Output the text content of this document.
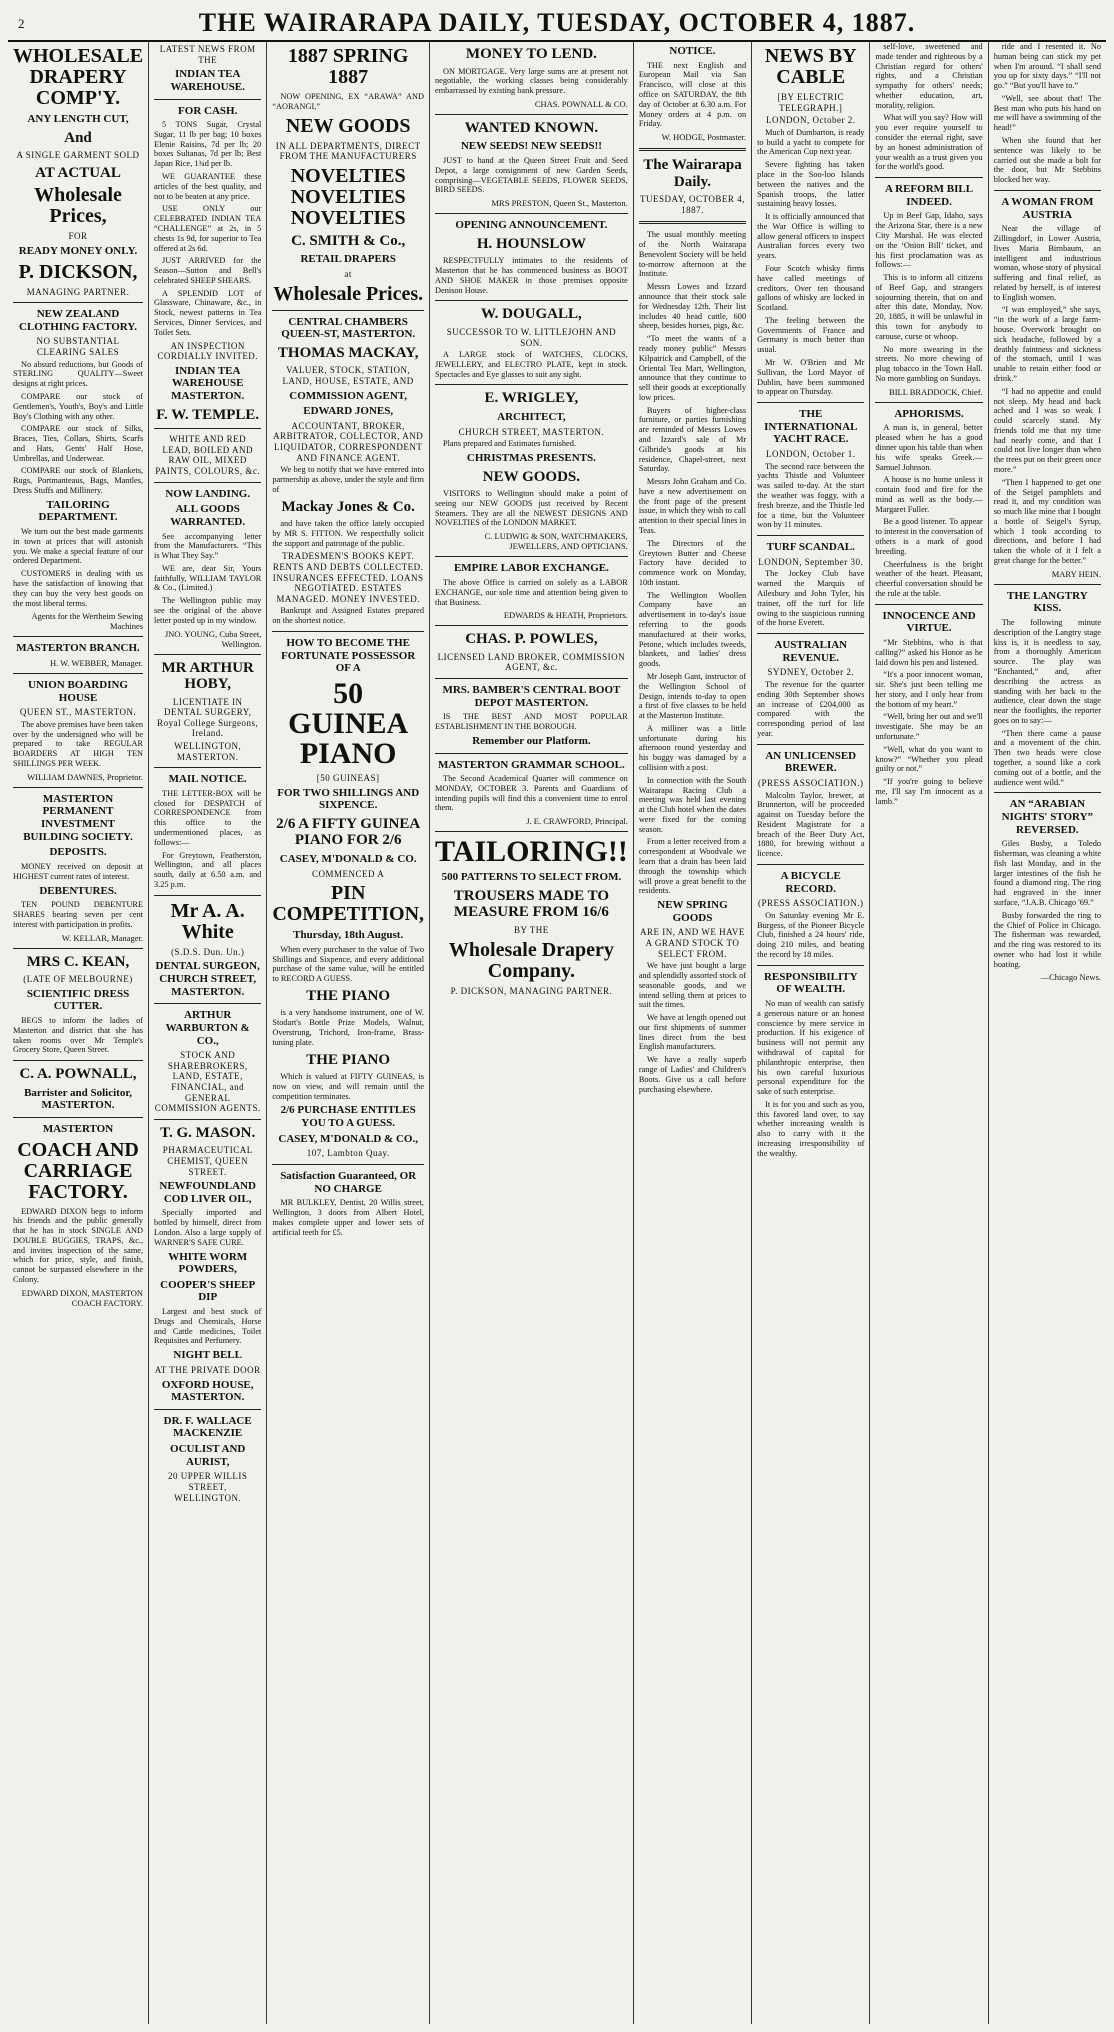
2	THE WAIRARAPA DAILY, TUESDAY, OCTOBER 4, 1887.
WHOLESALE DRAPERY COMP'Y.
ANY LENGTH CUT,
And
A SINGLE GARMENT SOLD
AT ACTUAL
Wholesale Prices,
FOR
READY MONEY ONLY.
P. DICKSON,
MANAGING PARTNER.
NEW ZEALAND CLOTHING FACTORY.
NO SUBSTANTIAL CLEARING SALES

No absurd reductions, but Goods of STERLING QUALITY—Sweet designs at right prices.

COMPARE our stock of Gentlemen's, Youth's, Boy's and Little Boy's Clothing with any other.

COMPARE our stock of Silks, Braces, Ties, Collars, Shirts, Scarfs and Hats, Gents' Half Hose, Umbrellas, and Underwear.

COMPARE our stock of Blankets, Rugs, Portmanteaus, Bags, Mantles, Dress Stuffs and Millinery.

TAILORING DEPARTMENT.

We turn out the best made garments in town at prices that will astonish you. We make a special feature of our ordered Department.

CUSTOMERS in dealing with us have the satisfaction of knowing that they can buy the very best goods on the most liberal terms.

Agents for the Wertheim Sewing Machines
MASTERTON BRANCH.
H. W. WEBBER, Manager.
UNION BOARDING HOUSE
QUEEN ST., MASTERTON.

The above premises have been taken over by the undersigned who will be prepared to take REGULAR BOARDERS AT HIGH TEN SHILLINGS PER WEEK.

WILLIAM DAWNES, Proprietor.
MASTERTON PERMANENT INVESTMENT BUILDING SOCIETY.
DEPOSITS.

MONEY received on deposit at HIGHEST current rates of interest.

DEBENTURES.

TEN POUND DEBENTURE SHARES bearing seven per cent interest with participation in profits.

W. KELLAR, Manager.
MRS C. KEAN,
(LATE OF MELBOURNE)
SCIENTIFIC DRESS CUTTER.

BEGS to inform the ladies of Masterton and district that she has taken rooms over Mr Temple's Grocery Store, Queen Street.

C. A. POWNALL,
Barrister and Solicitor, MASTERTON.
MASTERTON
COACH AND CARRIAGE FACTORY.

EDWARD DIXON begs to inform his friends and the public generally that he has in stock SINGLE AND DOUBLE BUGGIES, TRAPS, &c., and invites inspection of the same, which for price, style, and finish, cannot be surpassed elsewhere in the Colony.

EDWARD DIXON, MASTERTON COACH FACTORY.
LATEST NEWS FROM THE
INDIAN TEA WAREHOUSE.
FOR CASH.

5 TONS Sugar, Crystal Sugar, 11 lb per bag; 10 boxes Elenie Raisins, 7d per lb; 20 boxes Sultanas, 7d per lb; Best Japan Rice, 1¾d per lb.

WE GUARANTEE these articles of the best quality, and not to be beaten at any price.

USE ONLY our CELEBRATED INDIAN TEA “CHALLENGE” at 2s, in 5 chests 1s 9d, for superior to Tea offered at 2s 6d.

JUST ARRIVED for the Season—Sutton and Bell's celebrated SHEEP SHEARS.

A SPLENDID LOT of Glassware, Chinaware, &c., in Stock, newest patterns in Tea Services, Dinner Services, and Toilet Sets.

AN INSPECTION CORDIALLY INVITED.
INDIAN TEA WAREHOUSE MASTERTON.
F. W. TEMPLE.
WHITE AND RED LEAD, BOILED AND RAW OIL, MIXED PAINTS, COLOURS, &c.
NOW LANDING.
ALL GOODS WARRANTED.

See accompanying letter from the Manufacturers. “This is What They Say.”

WE are, dear Sir, Yours faithfully, WILLIAM TAYLOR & Co., (Limited.)

The Wellington public may see the original of the above letter posted up in my window.

JNO. YOUNG, Cuba Street, Wellington.
MR ARTHUR HOBY,
LICENTIATE IN DENTAL SURGERY, Royal College Surgeons, Ireland.
WELLINGTON, MASTERTON.
MAIL NOTICE.

THE LETTER-BOX will be closed for DESPATCH of CORRESPONDENCE from this office to the undermentioned places, as follows:—

For Greytown, Featherston, Wellington, and all places south, daily at 6.50 a.m. and 3.25 p.m.

Mr A. A. White
(S.D.S. Dun. Un.)
DENTAL SURGEON, CHURCH STREET, MASTERTON.
ARTHUR WARBURTON & CO.,
STOCK AND SHAREBROKERS, LAND, ESTATE, FINANCIAL, and GENERAL COMMISSION AGENTS.
T. G. MASON.
PHARMACEUTICAL CHEMIST, QUEEN STREET.
NEWFOUNDLAND COD LIVER OIL,

Specially imported and bottled by himself, direct from London. Also a large supply of WARNER'S SAFE CURE.

WHITE WORM POWDERS,
COOPER'S SHEEP DIP

Largest and best stock of Drugs and Chemicals, Horse and Cattle medicines, Toilet Requisites and Perfumery.

NIGHT BELL
AT THE PRIVATE DOOR
OXFORD HOUSE, MASTERTON.
DR. F. WALLACE MACKENZIE
OCULIST AND AURIST,
20 UPPER WILLIS STREET, WELLINGTON.
1887 SPRING 1887

NOW OPENING, EX “ARAWA” AND “AORANGI,”

NEW GOODS
IN ALL DEPARTMENTS, DIRECT FROM THE MANUFACTURERS
NOVELTIES NOVELTIES NOVELTIES
C. SMITH & Co.,
RETAIL DRAPERS
at
Wholesale Prices.
CENTRAL CHAMBERS QUEEN-ST, MASTERTON.
THOMAS MACKAY,
VALUER, STOCK, STATION, LAND, HOUSE, ESTATE, AND
COMMISSION AGENT,
EDWARD JONES,
ACCOUNTANT, BROKER, ARBITRATOR, COLLECTOR, AND LIQUIDATOR, CORRESPONDENT AND FINANCE AGENT.

We beg to notify that we have entered into partnership as above, under the style and firm of

Mackay Jones & Co.

and have taken the office lately occupied by MR S. FITTON. We respectfully solicit the support and patronage of the public.

TRADESMEN'S BOOKS KEPT. RENTS AND DEBTS COLLECTED. INSURANCES EFFECTED. LOANS NEGOTIATED. ESTATES MANAGED. MONEY INVESTED.

Bankrupt and Assigned Estates prepared on the shortest notice.

HOW TO BECOME THE FORTUNATE POSSESSOR OF A
50 GUINEA PIANO
[50 GUINEAS]
FOR TWO SHILLINGS AND SIXPENCE.
2/6 A FIFTY GUINEA PIANO FOR 2/6
CASEY, M'DONALD & CO.
COMMENCED A
PIN COMPETITION,
Thursday, 18th August.

When every purchaser to the value of Two Shillings and Sixpence, and every additional purchase of the same value, will be entitled to RECORD A GUESS.

THE PIANO

is a very handsome instrument, one of W. Stodart's Bottle Prize Models, Walnut, Overstrung, Trichord, Iron-frame, Brass-tuning plate.

THE PIANO

Which is valued at FIFTY GUINEAS, is now on view, and will remain until the competition terminates.

2/6 PURCHASE ENTITLES YOU TO A GUESS.
CASEY, M'DONALD & CO.,
107, Lambton Quay.
Satisfaction Guaranteed, OR NO CHARGE

MR BULKLEY, Dentist, 20 Willis street, Wellington, 3 doors from Albert Hotel, makes complete upper and lower sets of artificial teeth for £5.

MONEY TO LEND.

ON MORTGAGE. Very large sums are at present not negotiable, the working classes being considerably embarrassed by existing bank pressure.

CHAS. POWNALL & CO.
WANTED KNOWN.
NEW SEEDS! NEW SEEDS!!

JUST to hand at the Queen Street Fruit and Seed Depot, a large consignment of new Garden Seeds, comprising—VEGETABLE SEEDS, FLOWER SEEDS, BIRD SEEDS.

MRS PRESTON, Queen St., Masterton.
OPENING ANNOUNCEMENT.
H. HOUNSLOW

RESPECTFULLY intimates to the residents of Masterton that he has commenced business as BOOT AND SHOE MAKER in those premises opposite Denison House.

W. DOUGALL,
SUCCESSOR TO W. LITTLEJOHN AND SON.

A LARGE stock of WATCHES, CLOCKS, JEWELLERY, and ELECTRO PLATE, kept in stock. Spectacles and Eye glasses to suit any sight.

E. WRIGLEY,
ARCHITECT,
CHURCH STREET, MASTERTON.

Plans prepared and Estimates furnished.

CHRISTMAS PRESENTS.
NEW GOODS.

VISITORS to Wellington should make a point of seeing our NEW GOODS just received by Recent Steamers. They are all the NEWEST DESIGNS AND NOVELTIES of the LONDON MARKET.

C. LUDWIG & SON, WATCHMAKERS, JEWELLERS, AND OPTICIANS.
EMPIRE LABOR EXCHANGE.

The above Office is carried on solely as a LABOR EXCHANGE, our sole time and attention being given to that Business.

EDWARDS & HEATH, Proprietors.
CHAS. P. POWLES,
LICENSED LAND BROKER, COMMISSION AGENT, &c.
MRS. BAMBER'S CENTRAL BOOT DEPOT MASTERTON.

IS THE BEST AND MOST POPULAR ESTABLISHMENT IN THE BOROUGH.

Remember our Platform.
MASTERTON GRAMMAR SCHOOL.

The Second Academical Quarter will commence on MONDAY, OCTOBER 3. Parents and Guardians of intending pupils will find this a convenient time to enrol them.

J. E. CRAWFORD, Principal.
TAILORING!!
500 PATTERNS TO SELECT FROM.
TROUSERS MADE TO MEASURE FROM 16/6
BY THE
Wholesale Drapery Company.
P. DICKSON, MANAGING PARTNER.
NOTICE.

THE next English and European Mail via San Francisco, will close at this office on SATURDAY, the 8th day of October at 6.30 a.m. For Money orders at 4 p.m. on Friday.

W. HODGE, Postmaster.
The Wairarapa Daily.
TUESDAY, OCTOBER 4, 1887.

The usual monthly meeting of the North Wairarapa Benevolent Society will be held to-morrow afternoon at the Institute.

Messrs Lowes and Izzard announce that their stock sale for Wednesday 12th. Their list includes 40 head cattle, 600 sheep, besides horses, pigs, &c.

“To meet the wants of a ready money public” Messrs Kilpatrick and Campbell, of the Oriental Tea Mart, Wellington, announce that they continue to sell their goods at exceptionally low prices.

Buyers of higher-class furniture, or parties furnishing are reminded of Messrs Lowes and Izzard's sale of Mr Gilbride's goods at his residence, Chapel-street, next Saturday.

Messrs John Graham and Co. have a new advertisement on the front page of the present issue, in which they wish to call attention to their special lines in Teas.

The Directors of the Greytown Butter and Cheese Factory have decided to commence work on Monday, 10th instant.

The Wellington Woollen Company have an advertisement in to-day's issue referring to the goods manufactured at their works, Petone, which includes tweeds, blankets, and ladies' dress goods.

Mr Joseph Gant, instructor of the Wellington School of Design, intends to-day to open a first of five classes to be held at the Masterton Institute.

A milliner was a little unfortunate during his afternoon round yesterday and his buggy was damaged by a collision with a post.

In connection with the South Wairarapa Racing Club a meeting was held last evening at the Club hotel when the dates were fixed for the coming season.

From a letter received from a correspondent at Woodvale we learn that a drain has been laid through the township which will prove a great benefit to the residents.

NEW SPRING GOODS
ARE IN, AND WE HAVE A GRAND STOCK TO SELECT FROM.

We have just bought a large and splendidly assorted stock of seasonable goods, and we intend selling them at prices to suit the times.

We have at length opened out our first shipments of summer lines direct from the best English manufacturers.

We have a really superb range of Ladies' and Children's Boots. Give us a call before purchasing elsewhere.

NEWS BY CABLE
[BY ELECTRIC TELEGRAPH.]
LONDON, October 2.

Much of Dumbarton, is ready to build a yacht to compete for the American Cup next year.

Severe fighting has taken place in the Soo-loo Islands between the natives and the Spanish troops, the latter sustaining heavy losses.

It is officially announced that the War Office is willing to allow general officers to inspect Australian forces every two years.

Four Scotch whisky firms have called meetings of creditors. Over ten thousand gallons of whisky are locked in Scotland.

The feeling between the Governments of France and Germany is much better than usual.

Mr W. O'Brien and Mr Sullivan, the Lord Mayor of Dublin, have been summoned to appear on Thursday.

THE INTERNATIONAL YACHT RACE.
LONDON, October 1.

The second race between the yachts Thistle and Volunteer was sailed to-day. At the start the weather was foggy, with a fresh breeze, and the Thistle led for a time, but the Volunteer won by 11 minutes.

TURF SCANDAL.
LONDON, September 30.

The Jockey Club have warned the Marquis of Ailesbury and John Tyler, his trainer, off the turf for life owing to the suspicious running of the horse Everett.

AUSTRALIAN REVENUE.
SYDNEY, October 2.

The revenue for the quarter ending 30th September shows an increase of £204,000 as compared with the corresponding period of last year.

AN UNLICENSED BREWER.
(PRESS ASSOCIATION.)

Malcolm Taylor, brewer, at Brunnerton, will be proceeded against on Tuesday before the Resident Magistrate for a breach of the Beer Duty Act, 1880, for brewing without a licence.

A BICYCLE RECORD.
(PRESS ASSOCIATION.)

On Saturday evening Mr E. Burgess, of the Pioneer Bicycle Club, finished a 24 hours' ride, doing 210 miles, and beating the record by 18 miles.

RESPONSIBILITY OF WEALTH.

No man of wealth can satisfy a generous nature or an honest conscience by mere service in production. If his exigence of business will not permit any withdrawal of capital for philanthropic enterprise, then his own careful luxurious personal expenditure for the sake of such enterprise.

It is for you and such as you, this favored land over, to say whether increasing wealth is also to carry with it the increasing irresponsibility of the wealthy.

self-love, sweetened and made tender and righteous by a Christian regard for others' rights, and a Christian sympathy for others' needs; whether education, art, morality, religion.

What will you say? How will you ever require yourself to consider the eternal right, save by an honest administration of your wealth as a trust given you for the world's good.

A REFORM BILL INDEED.

Up in Beef Gap, Idaho, says the Arizona Star, there is a new City Marshal. He was elected on the ‘Onion Bill’ ticket, and his first proclamation was as follows:—

This is to inform all citizens of Beef Gap, and strangers sojourning therein, that on and after this date, Monday, Nov. 20, 1885, it will be unlawful in this town for anybody to carouse, curse or whoop.

No more swearing in the streets. No more chewing of plug tobacco in the Town Hall. No more gambling on Sundays.

BILL BRADDOCK, Chief.
APHORISMS.

A man is, in general, better pleased when he has a good dinner upon his table than when his wife speaks Greek.—Samuel Johnson.

A house is no home unless it contain food and fire for the mind as well as the body.—Margaret Fuller.

Be a good listener. To appear to interest in the conversation of others is a mark of good breeding.

Cheerfulness is the bright weather of the heart. Pleasant, cheerful conversation should be the rule at the table.

INNOCENCE AND VIRTUE.

“Mr Stebbins, who is that calling?” asked his Honor as he laid down his pen and listened.

“It's a poor innocent woman, sir. She's just been telling me her story, and I only hear from the bottom of my heart.”

“Well, bring her out and we'll investigate. She may be an unfortunate.”

“Well, what do you want to know?” “Whether you plead guilty or not.”

“If you're going to believe me, I'll say I'm innocent as a lamb.”

ride and I resented it. No human being can stick my pet when I'm around. “I shall send you up for sixty days.” “I'll not go.” “But you'll have to.”

“Well, see about that! The Best man who puts his hand on me will have a swimming of the head!”

When she found that her sentence was likely to be carried out she made a bolt for the door, but Mr Stebbins blocked her way.

A WOMAN FROM AUSTRIA

Near the village of Zillingdorf, in Lower Austria, lives Maria Birnbaum, an intelligent and industrious woman, whose story of physical suffering and final relief, as related by herself, is of interest to English women.

“I was employed,” she says, “in the work of a large farm-house. Overwork brought on sick headache, followed by a deathly faintness and sickness of the stomach, until I was unable to retain either food or drink.”

“I had no appetite and could not sleep. My head and back ached and I was so weak I could scarcely stand. My friends told me that my time had nearly come, and that I could not live longer than when the trees put on their green once more.”

“Then I happened to get one of the Seigel pamphlets and read it, and my condition was so much like mine that I bought a bottle of Seigel's Syrup, which I took according to directions, and before I had taken the whole of it I felt a great change for the better.”

MARY HEIN.
THE LANGTRY KISS.

The following minute description of the Langtry stage kiss is, it is needless to say, from a thoroughly American source. The play was “Enchanted,” and, after describing the actress as standing with her back to the audience, clear down the stage near the footlights, the reporter goes on to say:—

“Then there came a pause and a movement of the chin. Then two heads were close together, a sound like a cork coming out of a bottle, and the audience went wild.”

AN “ARABIAN NIGHTS' STORY” REVERSED.

Giles Busby, a Toledo fisherman, was cleaning a white fish last Monday, and in the larger intestines of the fish he found a diamond ring. The ring had engraved in the inner surface, “J.A.B. Chicago '69.”

Busby forwarded the ring to the Chief of Police in Chicago. The fisherman was rewarded, and the ring was restored to its owner who had lost it while boating.

—Chicago News.
